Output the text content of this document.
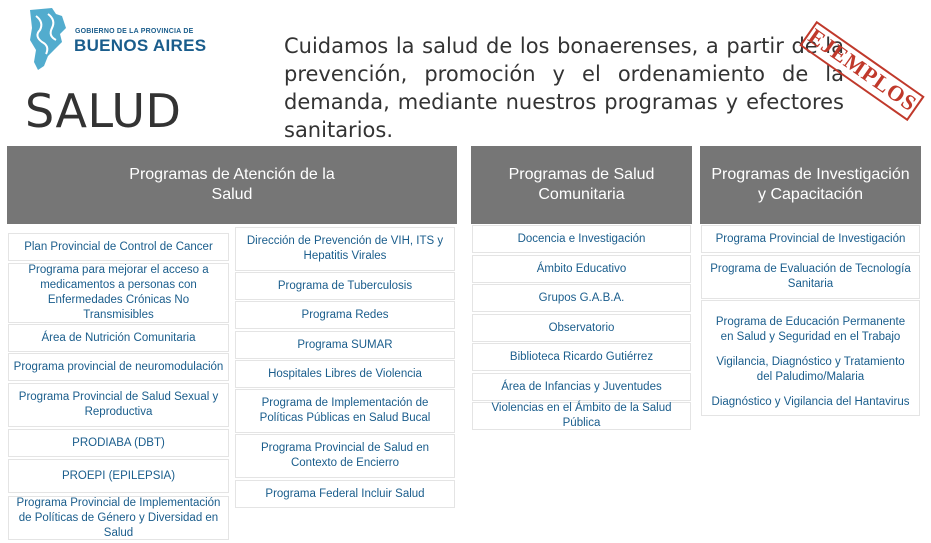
GOBIERNO DE LA PROVINCIA DE
BUENOS AIRES
SALUD
Cuidamos la salud de los bonaerenses, a partir de la prevención, promoción y el ordenamiento de la demanda, mediante nuestros programas y efectores sanitarios.
EJEMPLOS
Programas de Atención de la Salud
Plan Provincial de Control de Cancer
Programa para mejorar el acceso a medicamentos a personas con Enfermedades Crónicas No Transmisibles
Área de Nutrición Comunitaria
Programa provincial de neuromodulación
Programa Provincial de Salud Sexual y Reproductiva
PRODIABA (DBT)
PROEPI (EPILEPSIA)
Programa Provincial de Implementación de Políticas de Género y Diversidad en Salud
Dirección de Prevención de VIH, ITS y Hepatitis Virales
Programa de Tuberculosis
Programa Redes
Programa SUMAR
Hospitales Libres de Violencia
Programa de Implementación de Políticas Públicas en Salud Bucal
Programa Provincial de Salud en Contexto de Encierro
Programa Federal Incluir Salud
Programas de Salud Comunitaria
Docencia e Investigación
Ámbito Educativo
Grupos G.A.B.A.
Observatorio
Biblioteca Ricardo Gutiérrez
Área de Infancias y Juventudes
Violencias en el Ámbito de la Salud Pública
Programas de Investigación y Capacitación
Programa Provincial de Investigación
Programa de Evaluación de Tecnología Sanitaria
Programa de Educación Permanente en Salud y Seguridad en el Trabajo
Vigilancia, Diagnóstico y Tratamiento del Paludimo/Malaria
Diagnóstico y Vigilancia del Hantavirus
